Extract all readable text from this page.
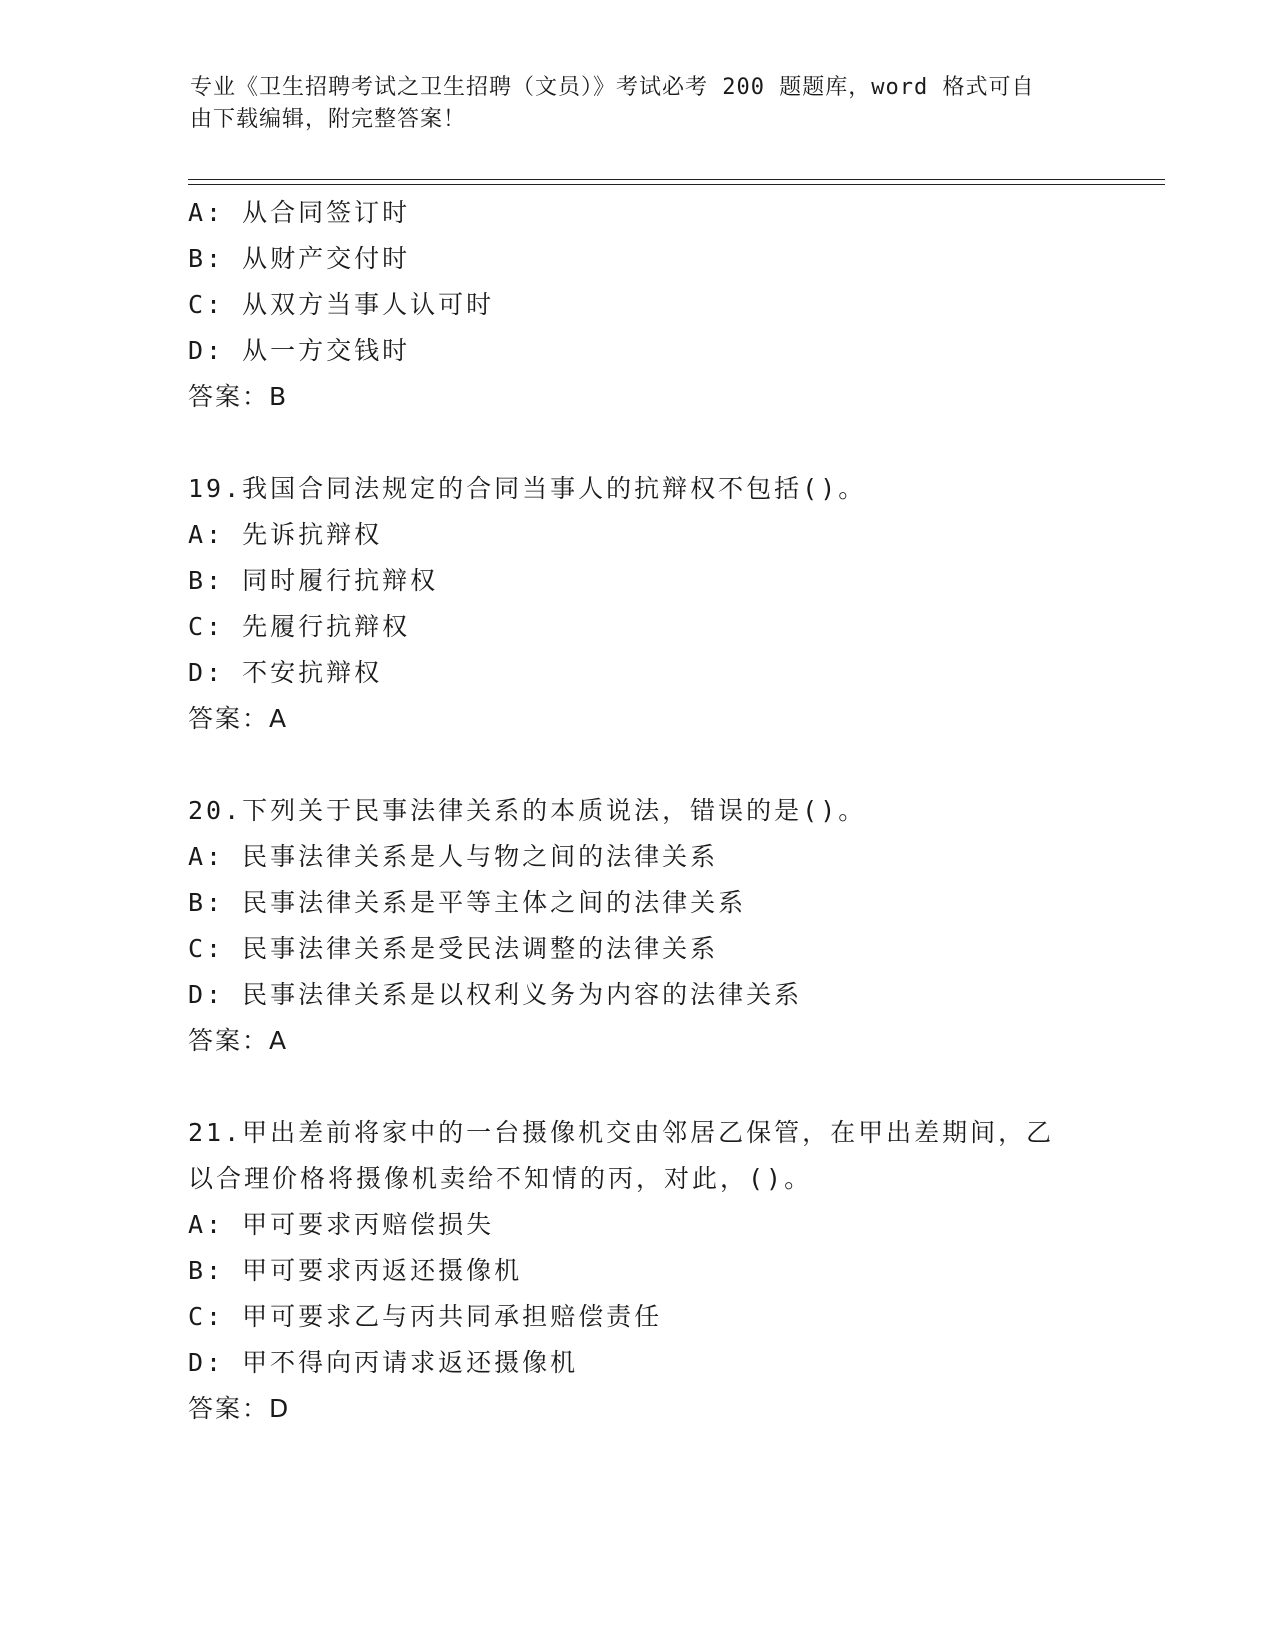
专业《卫生招聘考试之卫生招聘（文员）》考试必考 200 题题库，word 格式可自
由下载编辑，附完整答案！
A: 从合同签订时
B: 从财产交付时
C: 从双方当事人认可时
D: 从一方交钱时
答案：B
19.我国合同法规定的合同当事人的抗辩权不包括()。
A: 先诉抗辩权
B: 同时履行抗辩权
C: 先履行抗辩权
D: 不安抗辩权
答案：A
20.下列关于民事法律关系的本质说法，错误的是()。
A: 民事法律关系是人与物之间的法律关系
B: 民事法律关系是平等主体之间的法律关系
C: 民事法律关系是受民法调整的法律关系
D: 民事法律关系是以权利义务为内容的法律关系
答案：A
21.甲出差前将家中的一台摄像机交由邻居乙保管，在甲出差期间，乙
以合理价格将摄像机卖给不知情的丙，对此，()。
A: 甲可要求丙赔偿损失
B: 甲可要求丙返还摄像机
C: 甲可要求乙与丙共同承担赔偿责任
D: 甲不得向丙请求返还摄像机
答案：D
